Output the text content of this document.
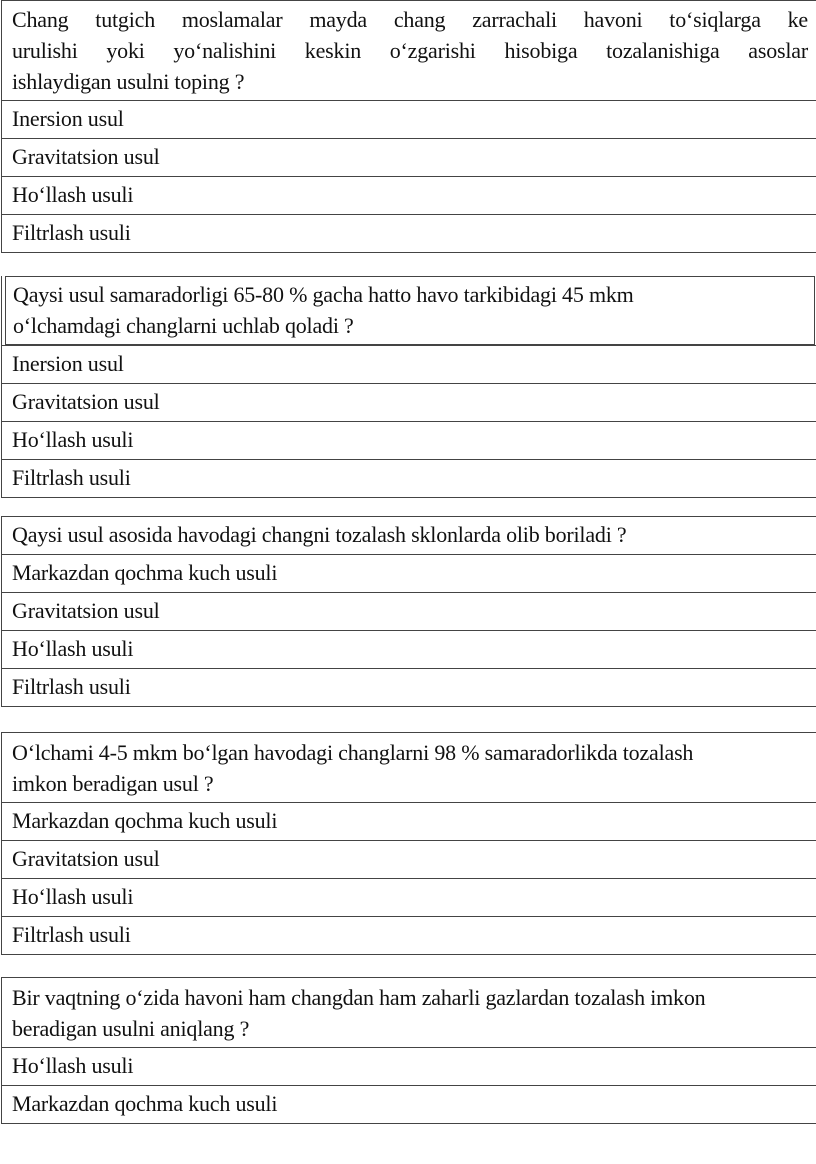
Chang tutgich moslamalar mayda chang zarrachali havoni to‘siqlarga ke
urulishi yoki yo‘nalishini keskin o‘zgarishi hisobiga tozalanishiga asoslar
ishlaydigan usulni toping ?
Inersion usul
Gravitatsion usul
Ho‘llash usuli
Filtrlash usuli
Qaysi usul samaradorligi 65-80 % gacha hatto havo tarkibidagi 45 mkm
o‘lchamdagi changlarni uchlab qoladi ?
Inersion usul
Gravitatsion usul
Ho‘llash usuli
Filtrlash usuli
Qaysi usul asosida havodagi changni tozalash sklonlarda olib boriladi ?
Markazdan qochma kuch usuli
Gravitatsion usul
Ho‘llash usuli
Filtrlash usuli
O‘lchami 4-5 mkm bo‘lgan havodagi changlarni 98 % samaradorlikda tozalash
imkon beradigan usul ?
Markazdan qochma kuch usuli
Gravitatsion usul
Ho‘llash usuli
Filtrlash usuli
Bir vaqtning o‘zida havoni ham changdan ham zaharli gazlardan tozalash imkon
beradigan usulni aniqlang ?
Ho‘llash usuli
Markazdan qochma kuch usuli
